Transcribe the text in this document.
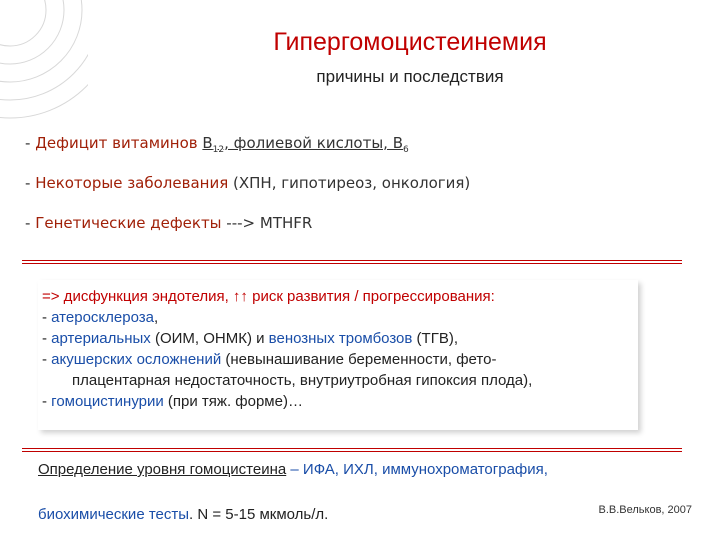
Гипергомоцистеинемия
причины и последствия

- Дефицит витаминов $B_{12}$, фолиевой кислоты, $B_6$

- Некоторые заболевания (ХПН, гипотиреоз, онкология)

- Генетические дефекты ---> MTHFR

=> дисфункция эндотелия, ↑↑ риск развития / прогрессирования:

- атеросклероза,

- артериальных (ОИМ, ОНМК) и венозных тромбозов (ТГВ),

- акушерских осложнений (невынашивание беременности, фето-

плацентарная недостаточность, внутриутробная гипоксия плода),

- гомоцистинурии (при тяж. форме)…

Определение уровня гомоцистеина – ИФА, ИХЛ, иммунохроматография,
биохимические тесты. N = 5-15 мкмоль/л.	В.В.Вельков, 2007
